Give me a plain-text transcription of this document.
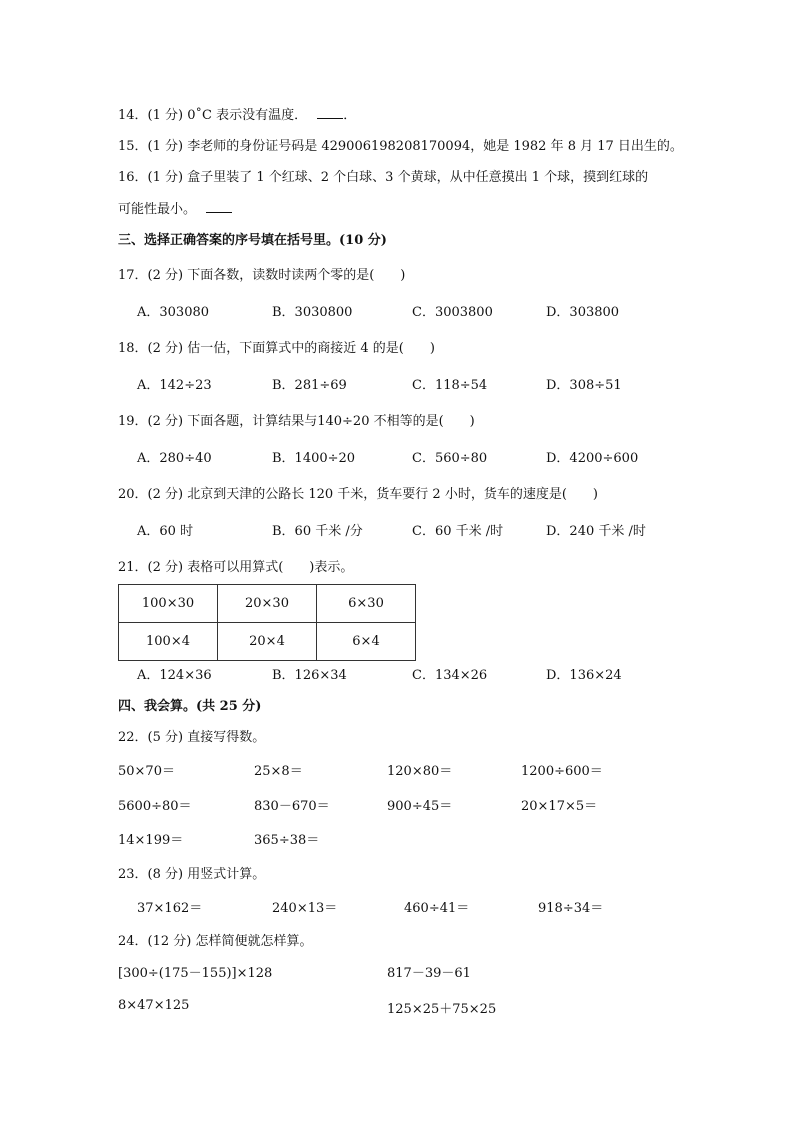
14．(1 分) 0˚C 表示没有温度．	．
15．(1 分) 李老师的身份证号码是 429006198208170094，她是 1982 年 8 月 17 日出生的。
16．(1 分) 盒子里装了 1 个红球、2 个白球、3 个黄球，从中任意摸出 1 个球，摸到红球的
可能性最小。
三、选择正确答案的序号填在括号里。(10 分)
17．(2 分) 下面各数，读数时读两个零的是(　　)
A．303080	B．3030800	C．3003800	D．303800
18．(2 分) 估一估，下面算式中的商接近 4 的是(　　)
A．142÷23	B．281÷69	C．118÷54	D．308÷51
19．(2 分) 下面各题，计算结果与140÷20 不相等的是(　　)
A．280÷40	B．1400÷20	C．560÷80	D．4200÷600
20．(2 分) 北京到天津的公路长 120 千米，货车要行 2 小时，货车的速度是(　　)
A．60 时	B．60 千米 /分	C．60 千米 /时	D．240 千米 /时
21．(2 分) 表格可以用算式(　　)表示。
100×30	20×30	6×30
100×4	20×4	6×4
A．124×36	B．126×34	C．134×26	D．136×24
四、我会算。(共 25 分)
22．(5 分) 直接写得数。
50×70＝	25×8＝	120×80＝	1200÷600＝
5600÷80＝	830－670＝	900÷45＝	20×17×5＝
14×199＝	365÷38＝
23．(8 分) 用竖式计算。
37×162＝	240×13＝	460÷41＝	918÷34＝
24．(12 分) 怎样简便就怎样算。
[300÷(175－155)]×128	817－39－61
8×47×125	125×25＋75×25
